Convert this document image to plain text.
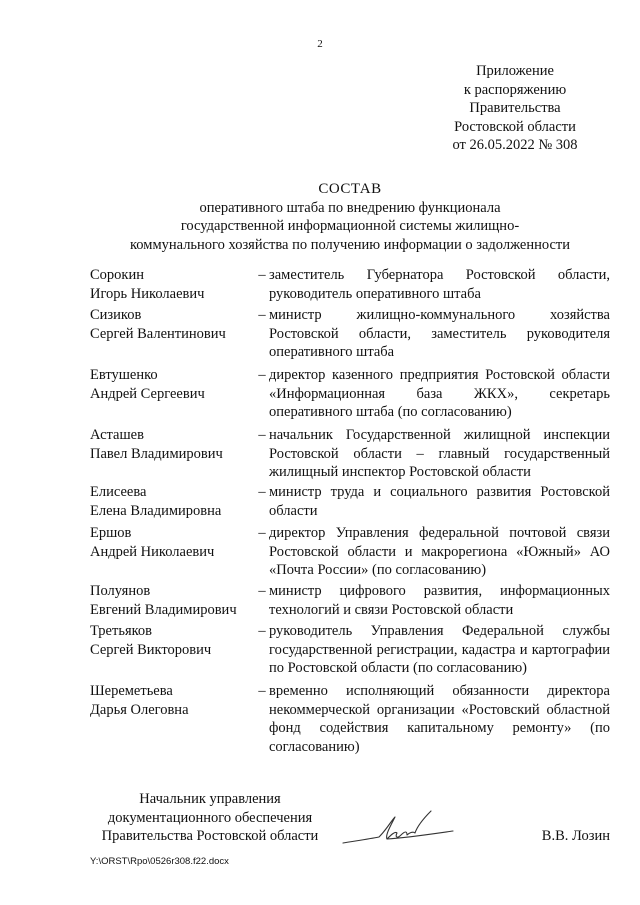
2
Приложение
к распоряжению
Правительства
Ростовской области
от 26.05.2022 № 308
СОСТАВ
оперативного штаба по внедрению функционала
государственной информационной системы жилищно-
коммунального хозяйства по получению информации о задолженности
Сорокин
Игорь Николаевич
– заместитель Губернатора Ростовской области, руководитель оперативного штаба
Сизиков
Сергей Валентинович
– министр жилищно-коммунального хозяйства Ростовской области, заместитель руководителя оперативного штаба
Евтушенко
Андрей Сергеевич
– директор казенного предприятия Ростовской области «Информационная база ЖКХ», секретарь оперативного штаба (по согласованию)
Асташев
Павел Владимирович
– начальник Государственной жилищной инспекции Ростовской области – главный государственный жилищный инспектор Ростовской области
Елисеева
Елена Владимировна
– министр труда и социального развития Ростовской области
Ершов
Андрей Николаевич
– директор Управления федеральной почтовой связи Ростовской области и макрорегиона «Южный» АО «Почта России» (по согласованию)
Полуянов
Евгений Владимирович
– министр цифрового развития, информационных технологий и связи Ростовской области
Третьяков
Сергей Викторович
– руководитель Управления Федеральной службы государственной регистрации, кадастра и картографии по Ростовской области (по согласованию)
Шереметьева
Дарья Олеговна
– временно исполняющий обязанности директора некоммерческой организации «Ростовский областной фонд содействия капитальному ремонту» (по согласованию)
Начальник управления
документационного обеспечения
Правительства Ростовской области	В.В. Лозин
Y:\ORST\Rpo\0526r308.f22.docx
